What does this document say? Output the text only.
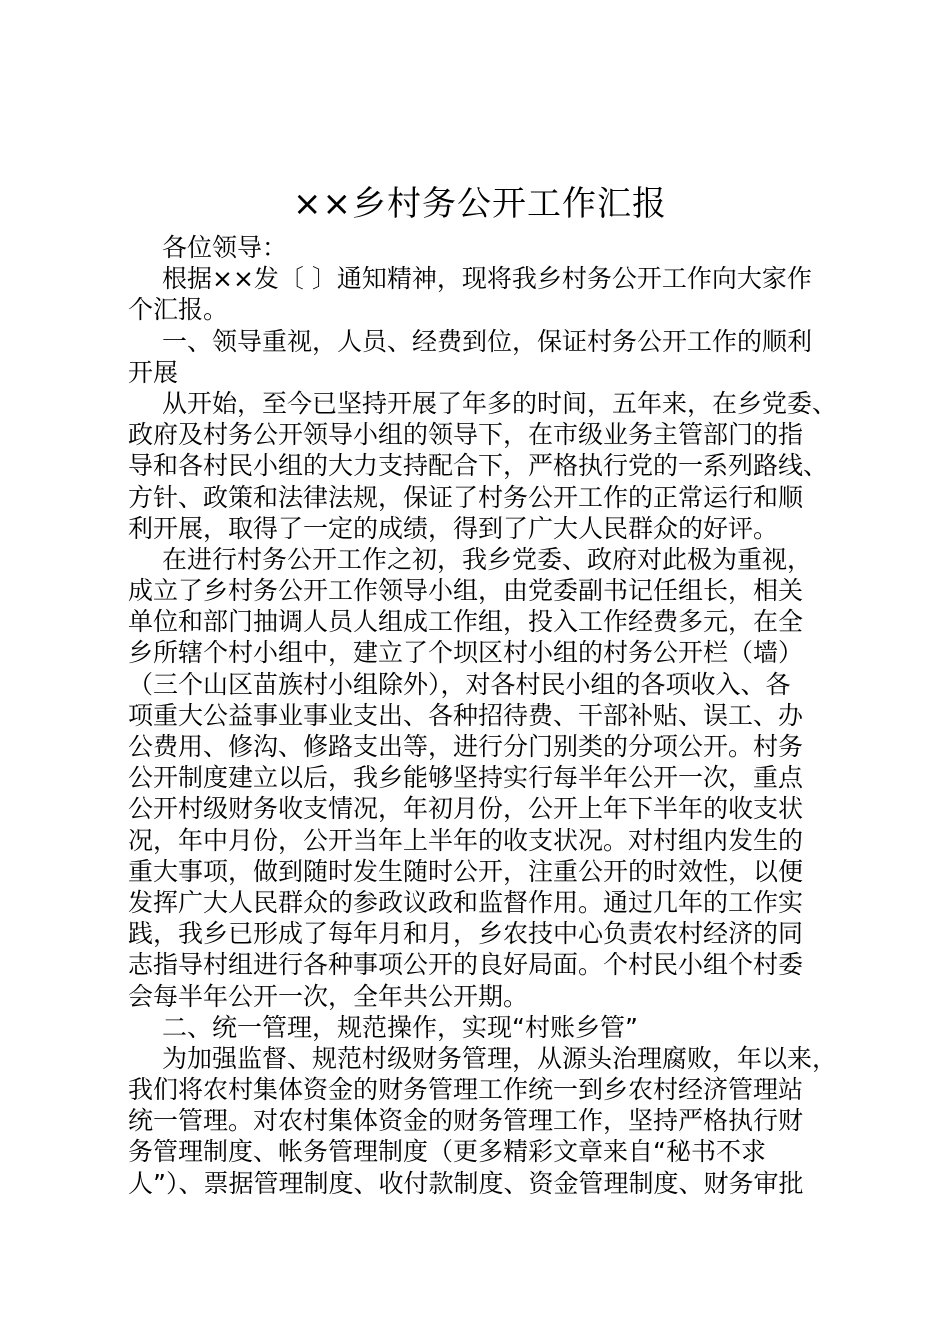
××乡村务公开工作汇报
各位领导：
根据××发〔 〕通知精神，现将我乡村务公开工作向大家作
个汇报。
一、领导重视，人员、经费到位，保证村务公开工作的顺利
开展
从开始，至今已坚持开展了年多的时间，五年来，在乡党委、
政府及村务公开领导小组的领导下，在市级业务主管部门的指
导和各村民小组的大力支持配合下，严格执行党的一系列路线、
方针、政策和法律法规，保证了村务公开工作的正常运行和顺
利开展，取得了一定的成绩，得到了广大人民群众的好评。
在进行村务公开工作之初，我乡党委、政府对此极为重视，
成立了乡村务公开工作领导小组，由党委副书记任组长，相关
单位和部门抽调人员人组成工作组，投入工作经费多元，在全
乡所辖个村小组中，建立了个坝区村小组的村务公开栏（墙）
（三个山区苗族村小组除外），对各村民小组的各项收入、各
项重大公益事业事业支出、各种招待费、干部补贴、误工、办
公费用、修沟、修路支出等，进行分门别类的分项公开。村务
公开制度建立以后，我乡能够坚持实行每半年公开一次，重点
公开村级财务收支情况，年初月份，公开上年下半年的收支状
况，年中月份，公开当年上半年的收支状况。对村组内发生的
重大事项，做到随时发生随时公开，注重公开的时效性，以便
发挥广大人民群众的参政议政和监督作用。通过几年的工作实
践，我乡已形成了每年月和月，乡农技中心负责农村经济的同
志指导村组进行各种事项公开的良好局面。个村民小组个村委
会每半年公开一次，全年共公开期。
二、统一管理，规范操作，实现“村账乡管”
为加强监督、规范村级财务管理，从源头治理腐败，年以来，
我们将农村集体资金的财务管理工作统一到乡农村经济管理站
统一管理。对农村集体资金的财务管理工作，坚持严格执行财
务管理制度、帐务管理制度（更多精彩文章来自“秘书不求
人”）、票据管理制度、收付款制度、资金管理制度、财务审批
